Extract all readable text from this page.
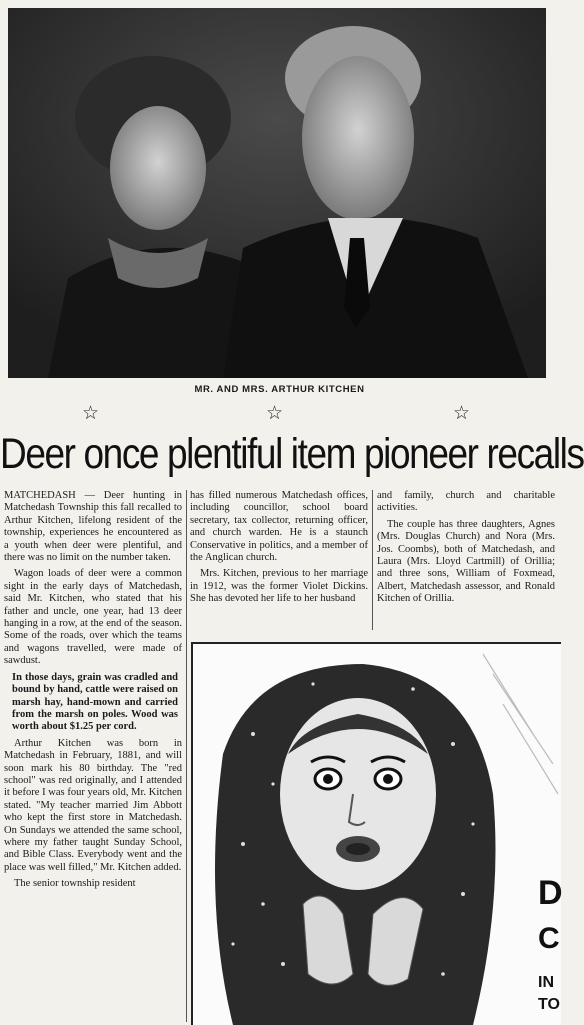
MR. AND MRS. ARTHUR KITCHEN
☆	☆	☆
Deer once plentiful item pioneer recalls

MATCHEDASH — Deer hunting in Matchedash Township this fall recalled to Arthur Kitchen, lifelong resident of the township, experiences he encountered as a youth when deer were plentiful, and there was no limit on the number taken.

Wagon loads of deer were a common sight in the early days of Matchedash, said Mr. Kitchen, who stated that his father and uncle, one year, had 13 deer hanging in a row, at the end of the season. Some of the roads, over which the teams and wagons travelled, were made of sawdust.

In those days, grain was cradled and bound by hand, cattle were raised on marsh hay, hand-mown and carried from the marsh on poles. Wood was worth about $1.25 per cord.

Arthur Kitchen was born in Matchedash in February, 1881, and will soon mark his 80 birthday. The "red school" was red originally, and I attended it before I was four years old, Mr. Kitchen stated. "My teacher married Jim Abbott who kept the first store in Matchedash. On Sundays we attended the same school, where my father taught Sunday School, and Bible Class. Everybody went and the place was well filled," Mr. Kitchen added.

The senior township resident

has filled numerous Matchedash offices, including councillor, school board secretary, tax collector, returning officer, and church warden. He is a staunch Conservative in politics, and a member of the Anglican church.

Mrs. Kitchen, previous to her marriage in 1912, was the former Violet Dickins. She has devoted her life to her husband

and family, church and charitable activities.

The couple has three daughters, Agnes (Mrs. Douglas Church) and Nora (Mrs. Jos. Coombs), both of Matchedash, and Laura (Mrs. Lloyd Cartmill) of Orillia; and three sons, William of Foxmead, Albert, Matchedash assessor, and Ronald Kitchen of Orillia.

D
C
IN
TO
